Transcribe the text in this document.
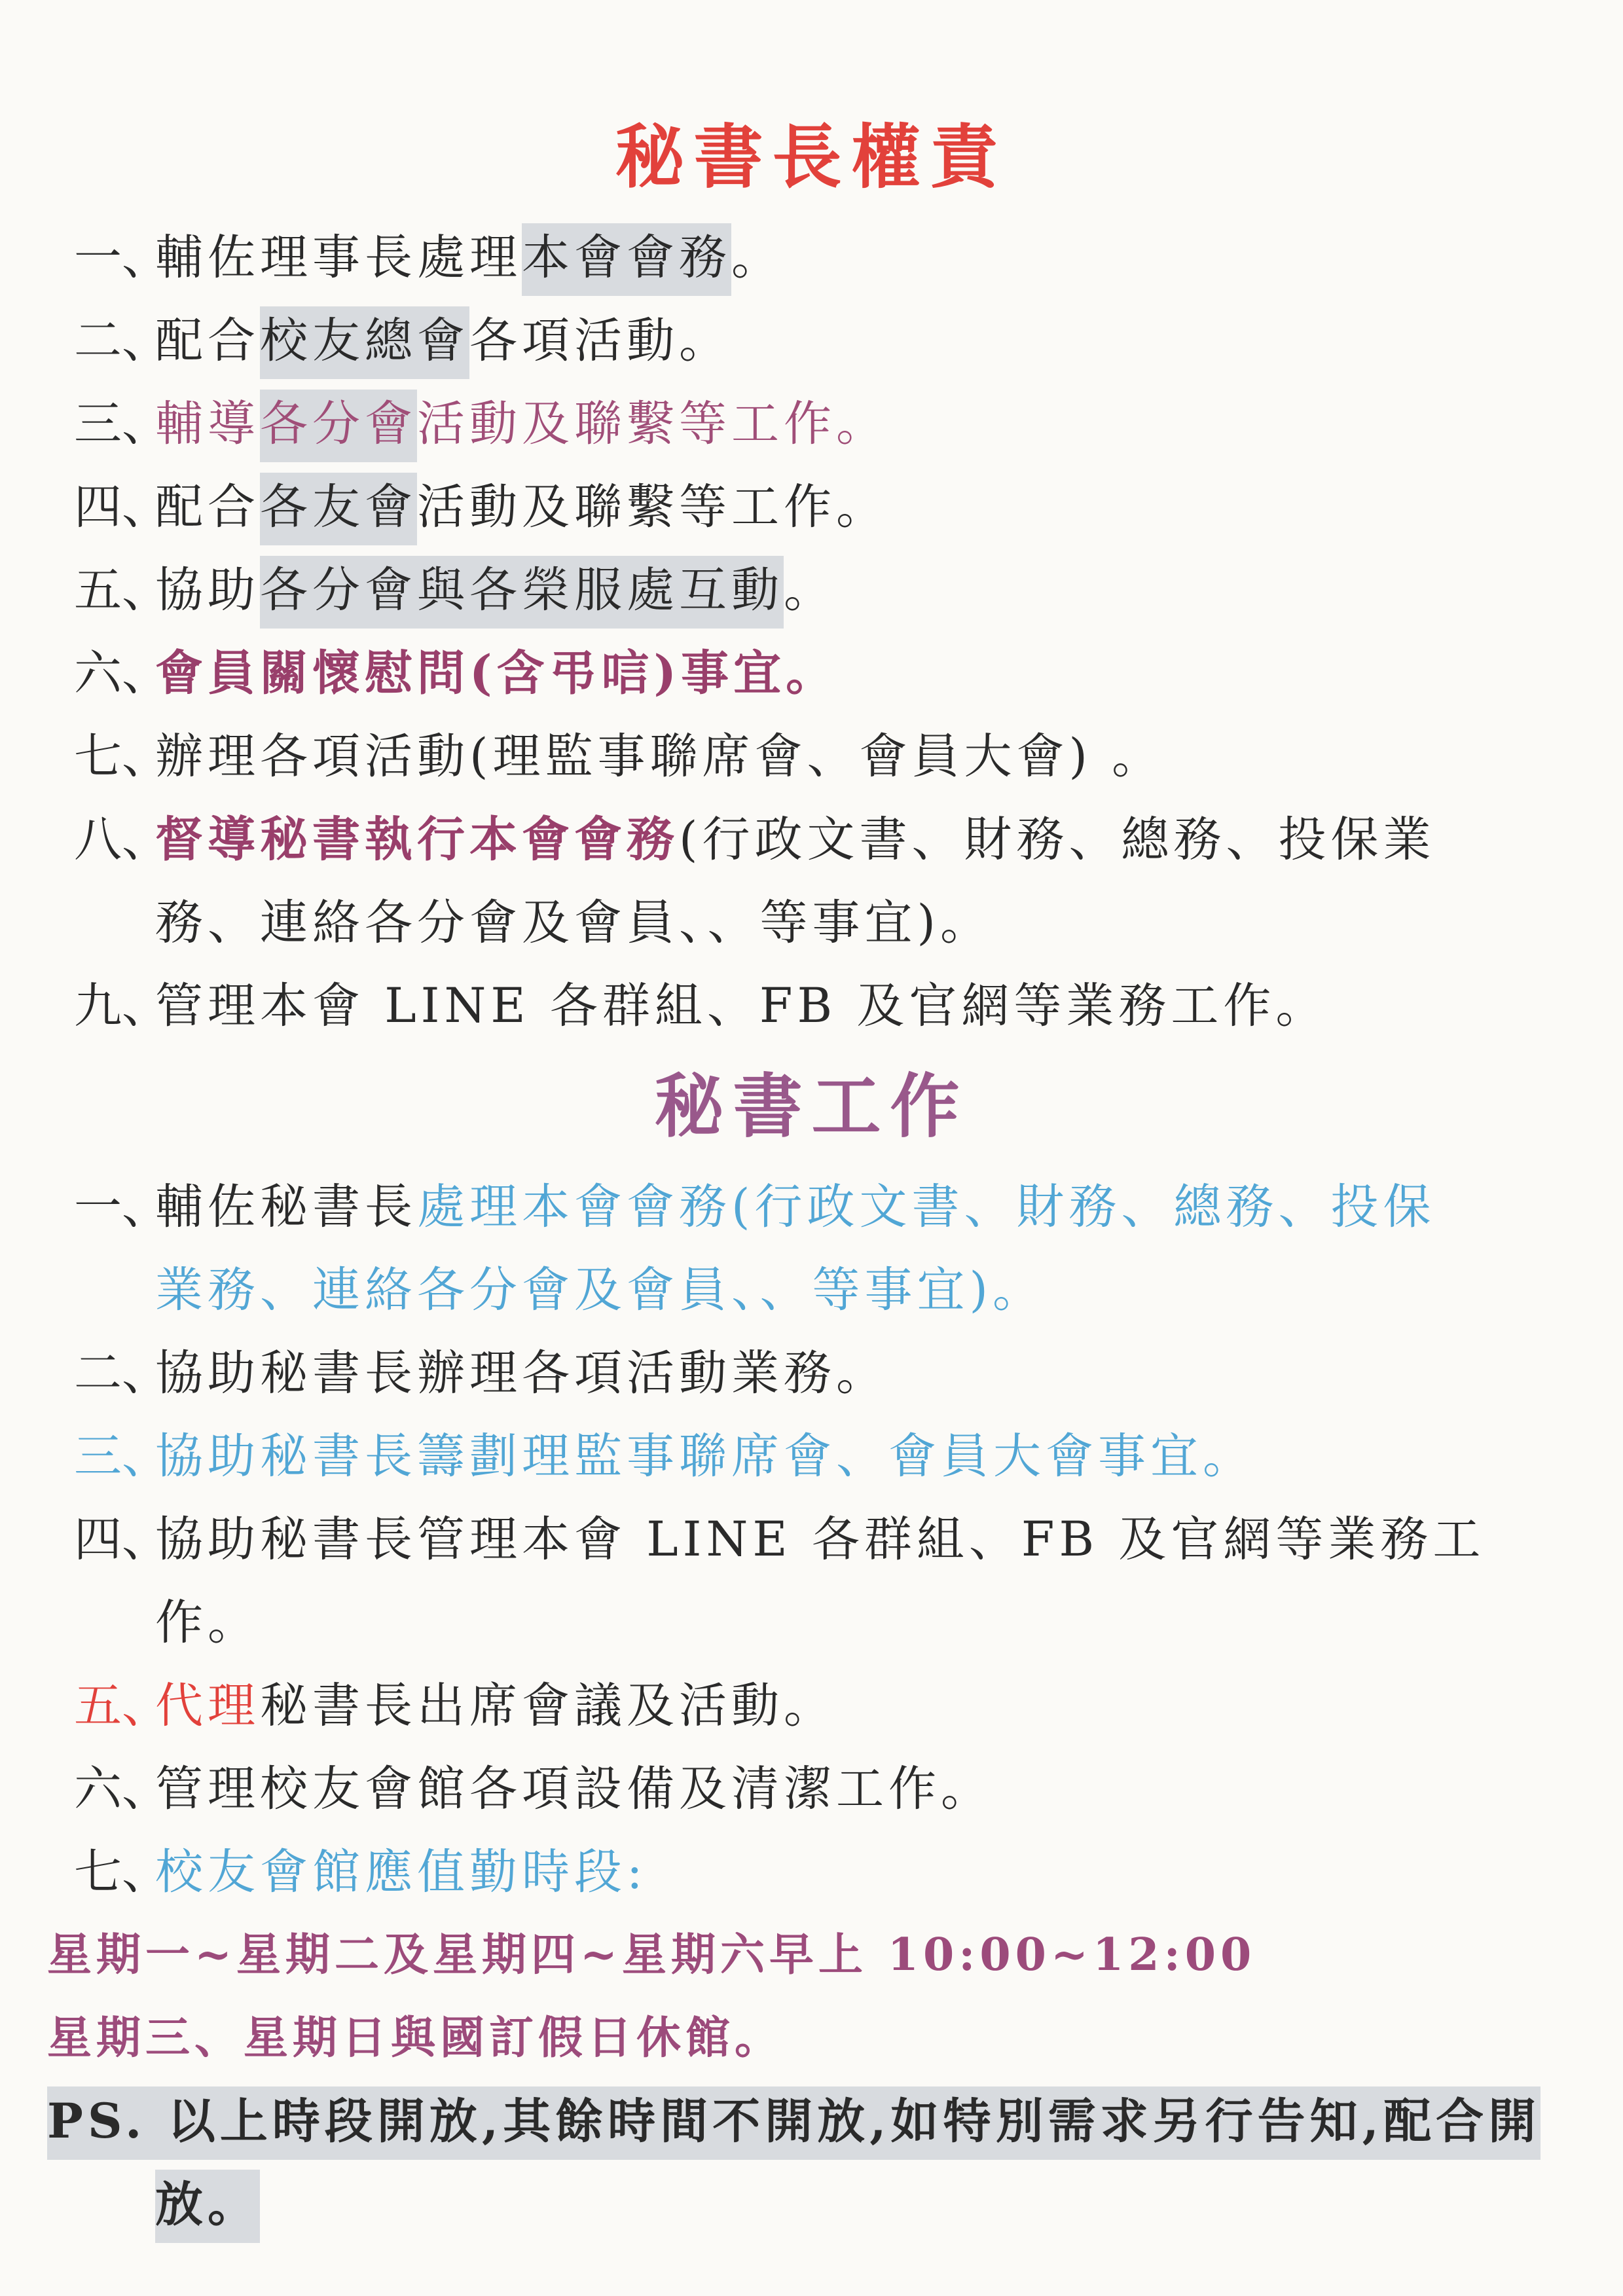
秘書長權責
一、
輔佐理事長處理本會會務。
二、
配合校友總會各項活動。
三、
輔導各分會活動及聯繫等工作。
四、
配合各友會活動及聯繫等工作。
五、
協助各分會與各榮服處互動。
六、
會員關懷慰問(含弔唁)事宜。
七、
辦理各項活動(理監事聯席會、會員大會) 。
八、
督導秘書執行本會會務(行政文書、財務、總務、投保業
務、連絡各分會及會員、、等事宜)。
九、
管理本會 LINE 各群組、FB 及官網等業務工作。
秘書工作
一、
輔佐秘書長處理本會會務(行政文書、財務、總務、投保
業務、連絡各分會及會員、、等事宜)。
二、
協助秘書長辦理各項活動業務。
三、
協助秘書長籌劃理監事聯席會、會員大會事宜。
四、
協助秘書長管理本會 LINE 各群組、FB 及官網等業務工
作。
五、
代理秘書長出席會議及活動。
六、
管理校友會館各項設備及清潔工作。
七、
校友會館應值勤時段:
星期一~星期二及星期四~星期六早上 10:00~12:00
星期三、星期日與國訂假日休館。
PS. 以上時段開放,其餘時間不開放,如特別需求另行告知,配合開
放。
